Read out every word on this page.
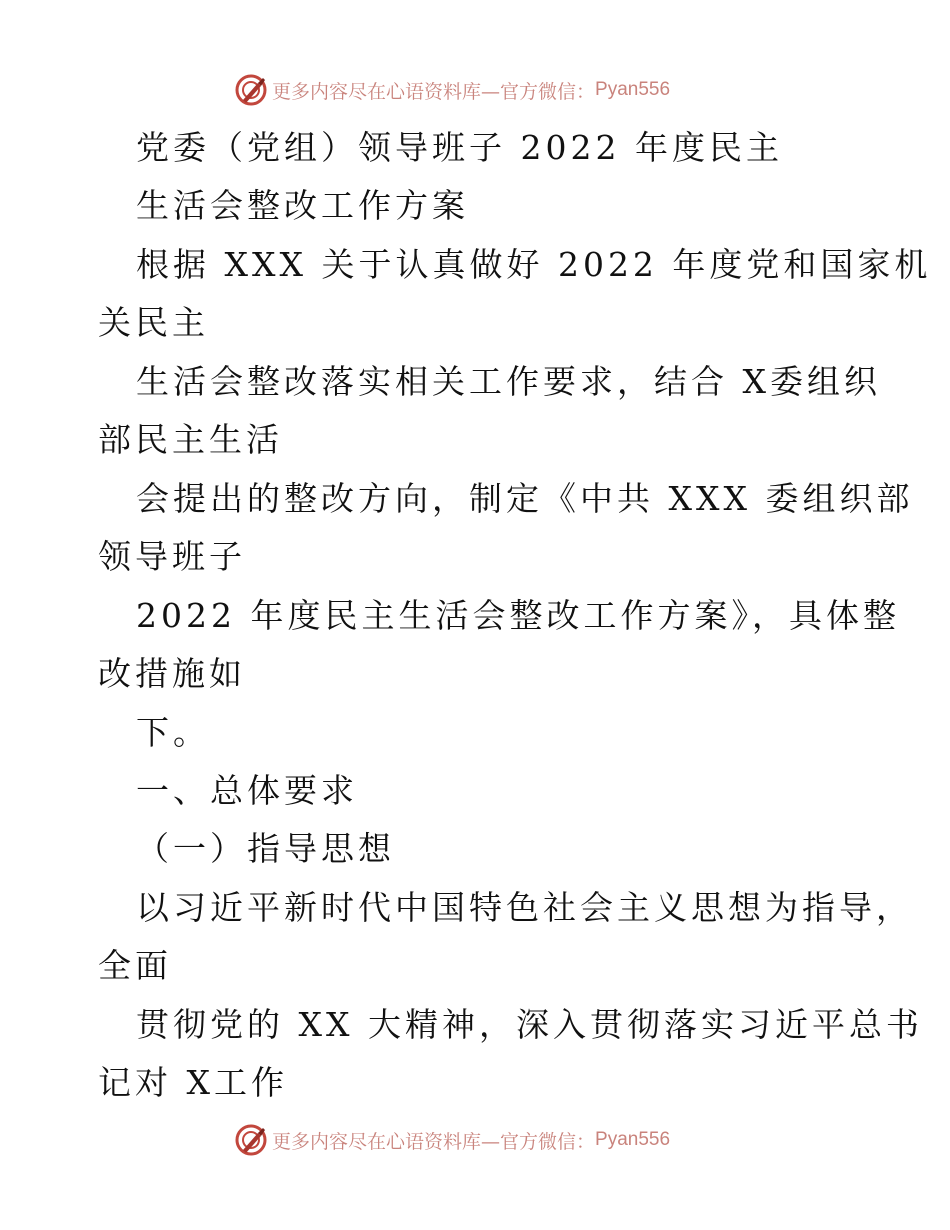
更多内容尽在心语资料库—官方微信： Pyan556
党委（党组）领导班子 2022 年度民主
生活会整改工作方案
根据 XXX 关于认真做好 2022 年度党和国家机
关民主
生活会整改落实相关工作要求，结合 X委组织
部民主生活
会提出的整改方向，制定《中共 XXX 委组织部
领导班子
2022 年度民主生活会整改工作方案》，具体整
改措施如
下。
一、总体要求
（一）指导思想
以习近平新时代中国特色社会主义思想为指导，
全面
贯彻党的 XX 大精神，深入贯彻落实习近平总书
记对 X工作
更多内容尽在心语资料库—官方微信： Pyan556
